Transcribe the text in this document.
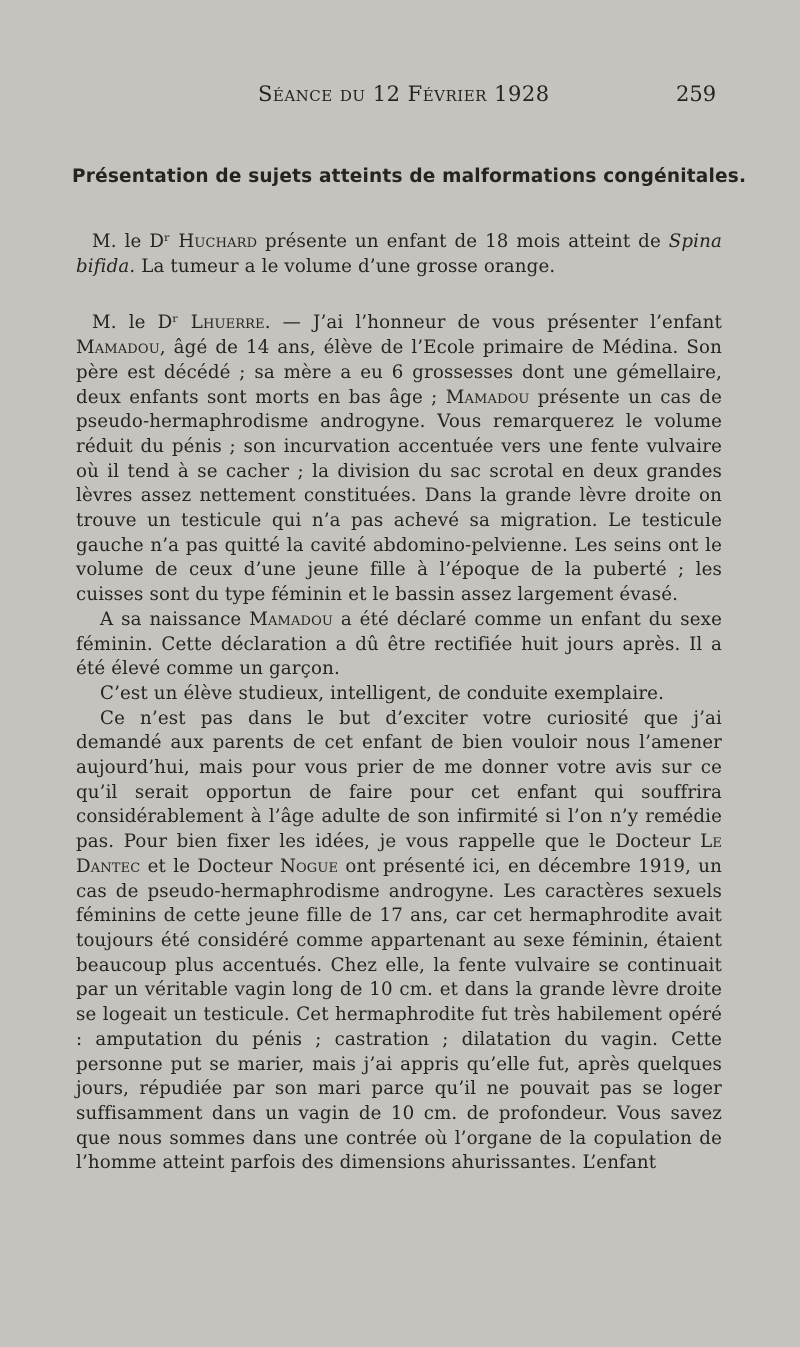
Séance du 12 Février 1928	259
Présentation de sujets atteints de malformations congénitales.

M. le Dʳ Huchard présente un enfant de 18 mois atteint de Spina bifida. La tumeur a le volume d’une grosse orange.

M. le Dʳ Lhuerre. — J’ai l’honneur de vous présenter l’enfant Mamadou, âgé de 14 ans, élève de l’Ecole primaire de Médina. Son père est décédé ; sa mère a eu 6 grossesses dont une gémellaire, deux enfants sont morts en bas âge ; Mamadou présente un cas de pseudo-hermaphrodisme androgyne. Vous remarquerez le volume réduit du pénis ; son incurvation accentuée vers une fente vulvaire où il tend à se cacher ; la division du sac scrotal en deux grandes lèvres assez nettement constituées. Dans la grande lèvre droite on trouve un testicule qui n’a pas achevé sa migration. Le testicule gauche n’a pas quitté la cavité abdomino-pelvienne. Les seins ont le volume de ceux d’une jeune fille à l’époque de la puberté ; les cuisses sont du type féminin et le bassin assez largement évasé.

A sa naissance Mamadou a été déclaré comme un enfant du sexe féminin. Cette déclaration a dû être rectifiée huit jours après. Il a été élevé comme un garçon.

C’est un élève studieux, intelligent, de conduite exemplaire.

Ce n’est pas dans le but d’exciter votre curiosité que j’ai demandé aux parents de cet enfant de bien vouloir nous l’amener aujourd’hui, mais pour vous prier de me donner votre avis sur ce qu’il serait opportun de faire pour cet enfant qui souffrira considérablement à l’âge adulte de son infirmité si l’on n’y remédie pas. Pour bien fixer les idées, je vous rappelle que le Docteur Le Dantec et le Docteur Nogue ont présenté ici, en décembre 1919, un cas de pseudo-hermaphrodisme androgyne. Les caractères sexuels féminins de cette jeune fille de 17 ans, car cet hermaphrodite avait toujours été considéré comme appartenant au sexe féminin, étaient beaucoup plus accentués. Chez elle, la fente vulvaire se continuait par un véritable vagin long de 10 cm. et dans la grande lèvre droite se logeait un testicule. Cet hermaphrodite fut très habilement opéré : amputation du pénis ; castration ; dilatation du vagin. Cette personne put se marier, mais j’ai appris qu’elle fut, après quelques jours, répudiée par son mari parce qu’il ne pouvait pas se loger suffisamment dans un vagin de 10 cm. de profondeur. Vous savez que nous sommes dans une contrée où l’organe de la copulation de l’homme atteint parfois des dimensions ahurissantes. L’enfant
